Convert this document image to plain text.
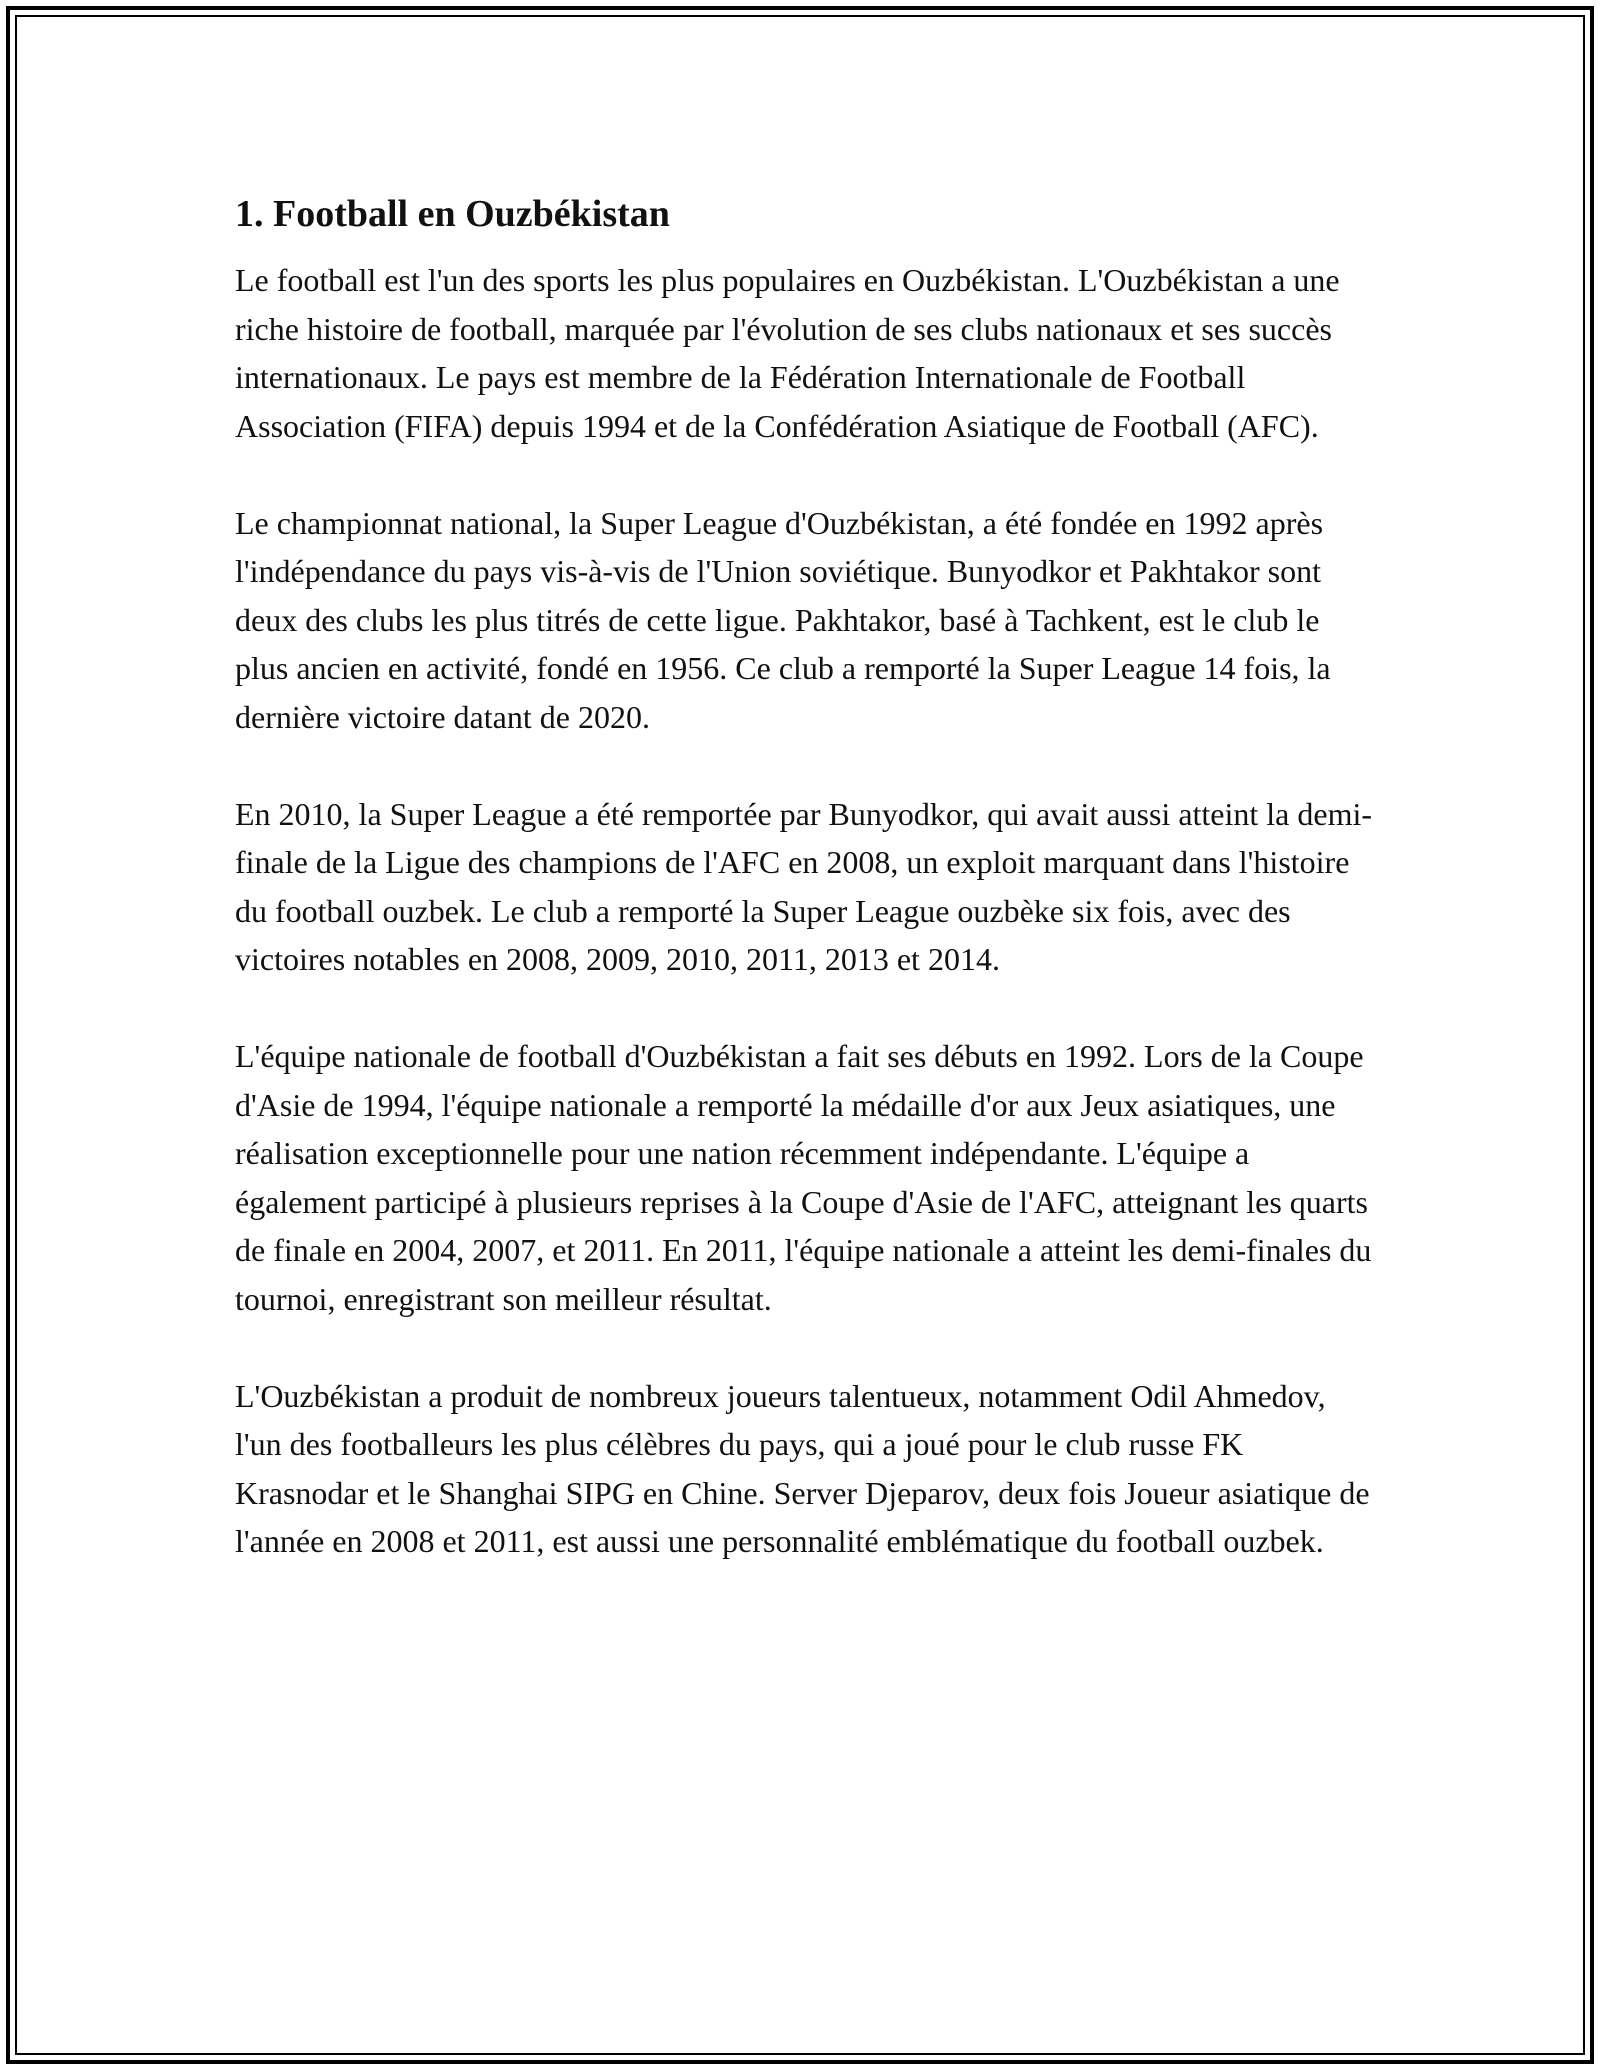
1. Football en Ouzbékistan

Le football est l'un des sports les plus populaires en Ouzbékistan. L'Ouzbékistan a une riche histoire de football, marquée par l'évolution de ses clubs nationaux et ses succès internationaux. Le pays est membre de la Fédération Internationale de Football Association (FIFA) depuis 1994 et de la Confédération Asiatique de Football (AFC).

Le championnat national, la Super League d'Ouzbékistan, a été fondée en 1992 après l'indépendance du pays vis-à-vis de l'Union soviétique. Bunyodkor et Pakhtakor sont deux des clubs les plus titrés de cette ligue. Pakhtakor, basé à Tachkent, est le club le plus ancien en activité, fondé en 1956. Ce club a remporté la Super League 14 fois, la dernière victoire datant de 2020.

En 2010, la Super League a été remportée par Bunyodkor, qui avait aussi atteint la demi-finale de la Ligue des champions de l'AFC en 2008, un exploit marquant dans l'histoire du football ouzbek. Le club a remporté la Super League ouzbèke six fois, avec des victoires notables en 2008, 2009, 2010, 2011, 2013 et 2014.

L'équipe nationale de football d'Ouzbékistan a fait ses débuts en 1992. Lors de la Coupe d'Asie de 1994, l'équipe nationale a remporté la médaille d'or aux Jeux asiatiques, une réalisation exceptionnelle pour une nation récemment indépendante. L'équipe a également participé à plusieurs reprises à la Coupe d'Asie de l'AFC, atteignant les quarts de finale en 2004, 2007, et 2011. En 2011, l'équipe nationale a atteint les demi-finales du tournoi, enregistrant son meilleur résultat.

L'Ouzbékistan a produit de nombreux joueurs talentueux, notamment Odil Ahmedov, l'un des footballeurs les plus célèbres du pays, qui a joué pour le club russe FK Krasnodar et le Shanghai SIPG en Chine. Server Djeparov, deux fois Joueur asiatique de l'année en 2008 et 2011, est aussi une personnalité emblématique du football ouzbek.
